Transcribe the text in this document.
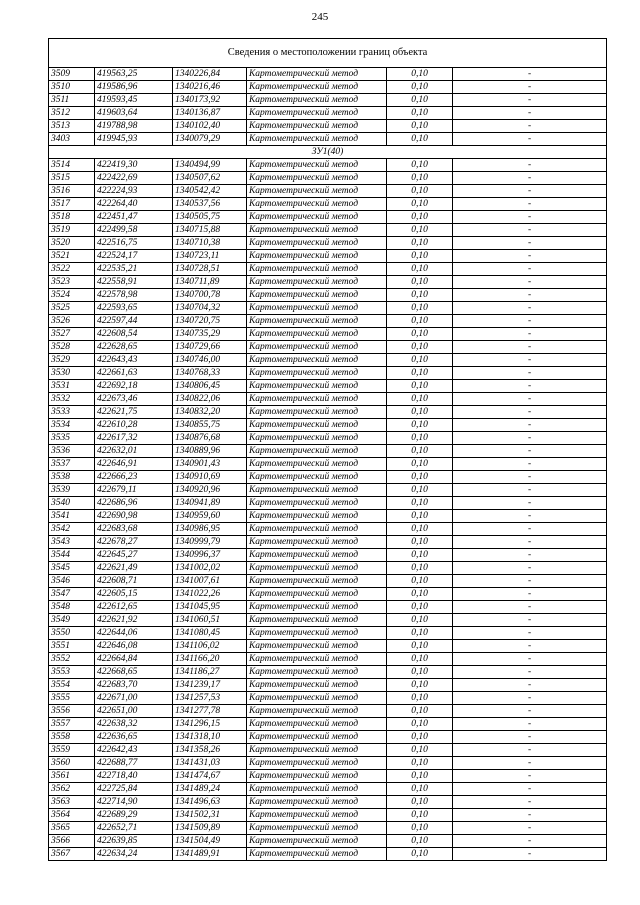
245
Сведения о местоположении границ объекта					
3509	419563,25	1340226,84	Картометрический метод	0,10	-
3510	419586,96	1340216,46	Картометрический метод	0,10	-
3511	419593,45	1340173,92	Картометрический метод	0,10	-
3512	419603,64	1340136,87	Картометрический метод	0,10	-
3513	419788,98	1340102,40	Картометрический метод	0,10	-
3403	419945,93	1340079,29	Картометрический метод	0,10	-
ЗУ1(40)					
3514	422419,30	1340494,99	Картометрический метод	0,10	-
3515	422422,69	1340507,62	Картометрический метод	0,10	-
3516	422224,93	1340542,42	Картометрический метод	0,10	-
3517	422264,40	1340537,56	Картометрический метод	0,10	-
3518	422451,47	1340505,75	Картометрический метод	0,10	-
3519	422499,58	1340715,88	Картометрический метод	0,10	-
3520	422516,75	1340710,38	Картометрический метод	0,10	-
3521	422524,17	1340723,11	Картометрический метод	0,10	-
3522	422535,21	1340728,51	Картометрический метод	0,10	-
3523	422558,91	1340711,89	Картометрический метод	0,10	-
3524	422578,98	1340700,78	Картометрический метод	0,10	-
3525	422593,65	1340704,32	Картометрический метод	0,10	-
3526	422597,44	1340720,75	Картометрический метод	0,10	-
3527	422608,54	1340735,29	Картометрический метод	0,10	-
3528	422628,65	1340729,66	Картометрический метод	0,10	-
3529	422643,43	1340746,00	Картометрический метод	0,10	-
3530	422661,63	1340768,33	Картометрический метод	0,10	-
3531	422692,18	1340806,45	Картометрический метод	0,10	-
3532	422673,46	1340822,06	Картометрический метод	0,10	-
3533	422621,75	1340832,20	Картометрический метод	0,10	-
3534	422610,28	1340855,75	Картометрический метод	0,10	-
3535	422617,32	1340876,68	Картометрический метод	0,10	-
3536	422632,01	1340889,96	Картометрический метод	0,10	-
3537	422646,91	1340901,43	Картометрический метод	0,10	-
3538	422666,23	1340910,69	Картометрический метод	0,10	-
3539	422679,11	1340920,96	Картометрический метод	0,10	-
3540	422686,96	1340941,89	Картометрический метод	0,10	-
3541	422690,98	1340959,60	Картометрический метод	0,10	-
3542	422683,68	1340986,95	Картометрический метод	0,10	-
3543	422678,27	1340999,79	Картометрический метод	0,10	-
3544	422645,27	1340996,37	Картометрический метод	0,10	-
3545	422621,49	1341002,02	Картометрический метод	0,10	-
3546	422608,71	1341007,61	Картометрический метод	0,10	-
3547	422605,15	1341022,26	Картометрический метод	0,10	-
3548	422612,65	1341045,95	Картометрический метод	0,10	-
3549	422621,92	1341060,51	Картометрический метод	0,10	-
3550	422644,06	1341080,45	Картометрический метод	0,10	-
3551	422646,08	1341106,02	Картометрический метод	0,10	-
3552	422664,84	1341166,20	Картометрический метод	0,10	-
3553	422668,65	1341186,27	Картометрический метод	0,10	-
3554	422683,70	1341239,17	Картометрический метод	0,10	-
3555	422671,00	1341257,53	Картометрический метод	0,10	-
3556	422651,00	1341277,78	Картометрический метод	0,10	-
3557	422638,32	1341296,15	Картометрический метод	0,10	-
3558	422636,65	1341318,10	Картометрический метод	0,10	-
3559	422642,43	1341358,26	Картометрический метод	0,10	-
3560	422688,77	1341431,03	Картометрический метод	0,10	-
3561	422718,40	1341474,67	Картометрический метод	0,10	-
3562	422725,84	1341489,24	Картометрический метод	0,10	-
3563	422714,90	1341496,63	Картометрический метод	0,10	-
3564	422689,29	1341502,31	Картометрический метод	0,10	-
3565	422652,71	1341509,89	Картометрический метод	0,10	-
3566	422639,85	1341504,49	Картометрический метод	0,10	-
3567	422634,24	1341489,91	Картометрический метод	0,10	-
